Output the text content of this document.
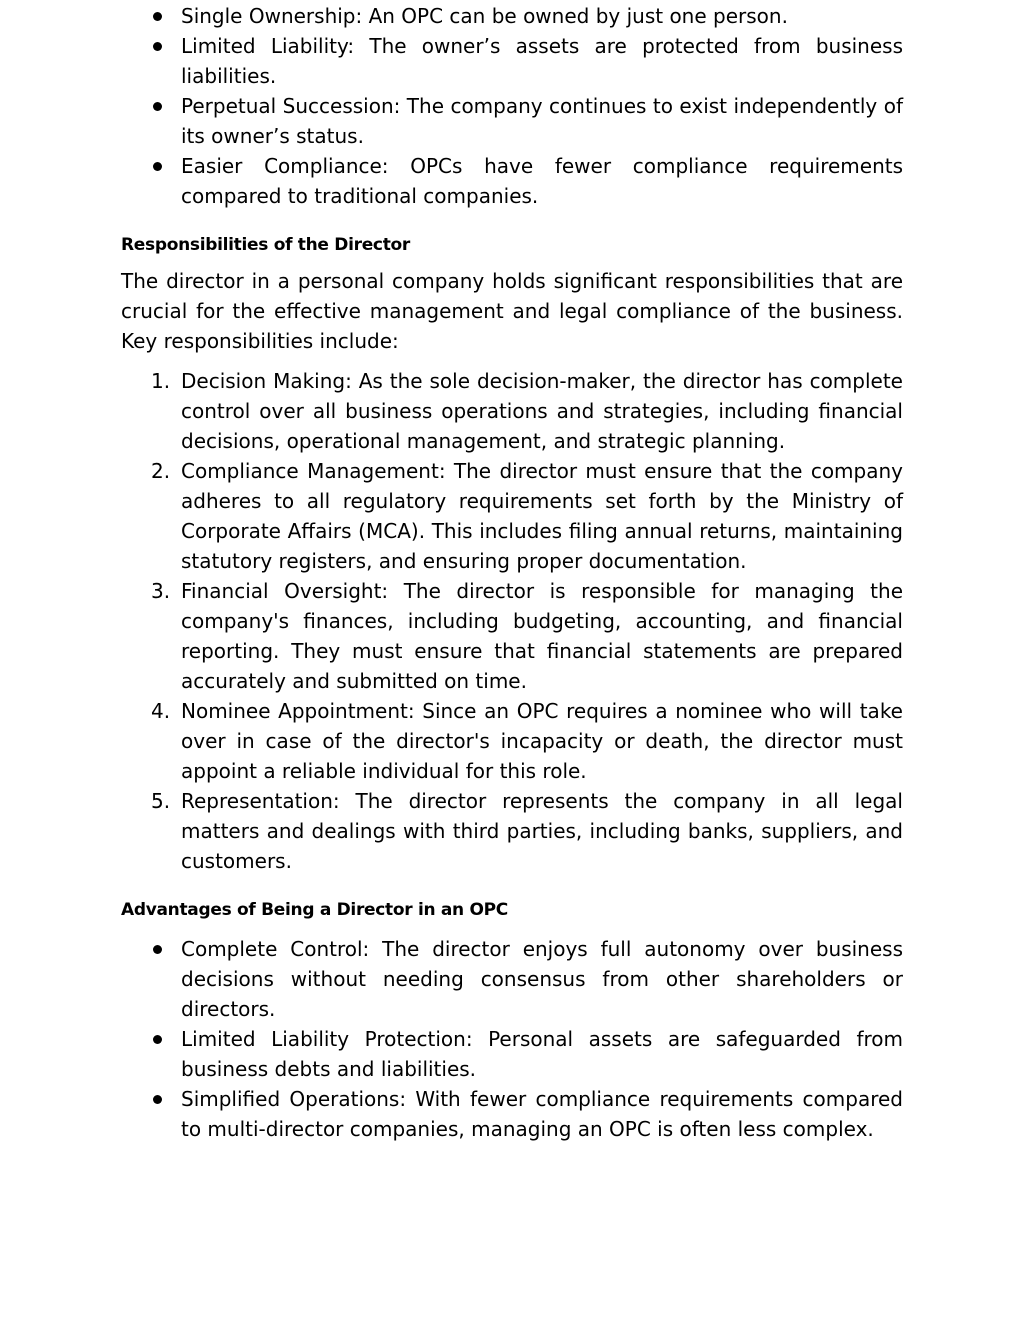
Single Ownership: An OPC can be owned by just one person.
Limited Liability: The owner’s assets are protected from business liabilities.
Perpetual Succession: The company continues to exist independently of its owner’s status.
Easier Compliance: OPCs have fewer compliance requirements compared to traditional companies.
Responsibilities of the Director

The director in a personal company holds significant responsibilities that are crucial for the effective management and legal compliance of the business. Key responsibilities include:

1. Decision Making: As the sole decision-maker, the director has complete control over all business operations and strategies, including financial decisions, operational management, and strategic planning.
2. Compliance Management: The director must ensure that the company adheres to all regulatory requirements set forth by the Ministry of Corporate Affairs (MCA). This includes filing annual returns, maintaining statutory registers, and ensuring proper documentation.
3. Financial Oversight: The director is responsible for managing the company's finances, including budgeting, accounting, and financial reporting. They must ensure that financial statements are prepared accurately and submitted on time.
4. Nominee Appointment: Since an OPC requires a nominee who will take over in case of the director's incapacity or death, the director must appoint a reliable individual for this role.
5. Representation: The director represents the company in all legal matters and dealings with third parties, including banks, suppliers, and customers.
Advantages of Being a Director in an OPC
Complete Control: The director enjoys full autonomy over business decisions without needing consensus from other shareholders or directors.
Limited Liability Protection: Personal assets are safeguarded from business debts and liabilities.
Simplified Operations: With fewer compliance requirements compared to multi-director companies, managing an OPC is often less complex.
